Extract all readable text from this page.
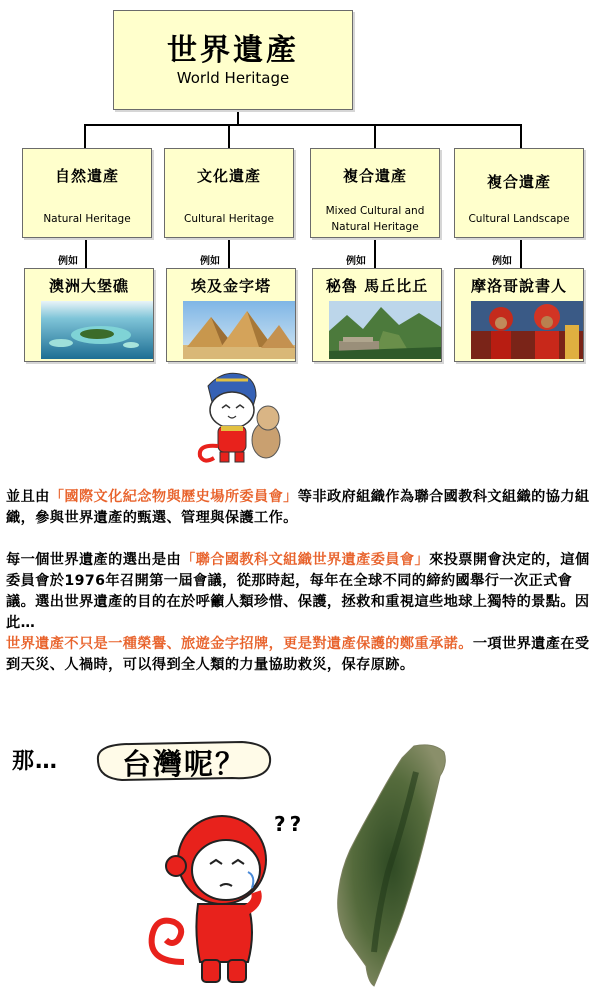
世界遺產
World Heritage
自然遺產
Natural Heritage
文化遺產
Cultural Heritage
複合遺產
Mixed Cultural and
Natural Heritage
複合遺產
Cultural Landscape
例如	例如	例如	例如
澳洲大堡礁	埃及金字塔	秘魯 馬丘比丘	摩洛哥說書人

並且由「國際文化紀念物與歷史場所委員會」等非政府組織作為聯合國教科文組織的協力組織，參與世界遺產的甄選、管理與保護工作。

每一個世界遺產的選出是由「聯合國教科文組織世界遺產委員會」來投票開會決定的，這個委員會於1976年召開第一屆會議，從那時起，每年在全球不同的締約國舉行一次正式會議。選出世界遺產的目的在於呼籲人類珍惜、保護，拯救和重視這些地球上獨特的景點。因此…

世界遺產不只是一種榮譽、旅遊金字招牌，更是對遺產保護的鄭重承諾。一項世界遺產在受到天災、人禍時，可以得到全人類的力量協助救災，保存原跡。

那…	台灣呢？
??
